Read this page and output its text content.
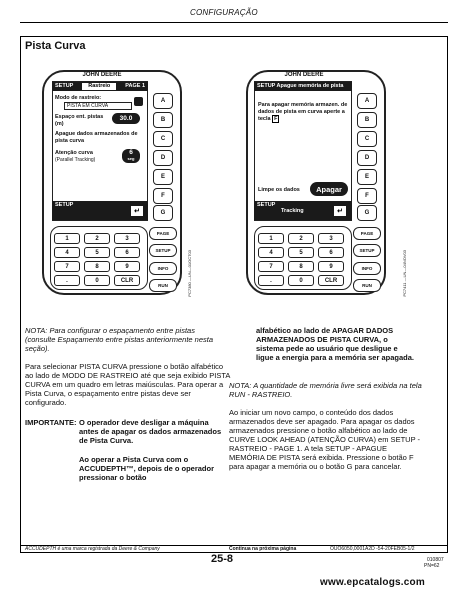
CONFIGURAÇÃO
Pista Curva
JOHN DEERE
SETUP	Rastreio	PAGE 1
Modo de rastreio:
PISTA EM CURVA
Espaço ent. pistas (m)
30.0
Apague dados armazenados de pista curva
Atenção curva
(Parallel Tracking)
6
seg
SETUP
↵
A
B
C
D
E
F
G
1	2	3
4	5	6
7	8	9
.	0	CLR
PAGE
SETUP
INFO
RUN	PC7380 —UN—01OCT03
JOHN DEERE
SETUP Apague memória de pista
Para apagar memória armazen. de dados de pista em curva aperte a tecla F
Limpe os dados	Apagar
SETUP
Tracking	↵
A
B
C
D
E
F
G
1	2	3
4	5	6
7	8	9
.	0	CLR
PAGE
SETUP
INFO
RUN	PC7411 —UN—04NOV03
NOTA: Para configurar o espaçamento entre pistas (consulte Espaçamento entre pistas anteriormente nesta seção).
Para selecionar PISTA CURVA pressione o botão alfabético ao lado de MODO DE RASTREIO até que seja exibido PISTA CURVA em um quadro em letras maiúsculas. Para operar a Pista Curva, o espaçamento entre pistas deve ser configurado.
IMPORTANTE: O operador deve desligar a máquina antes de apagar os dados armazenados de Pista Curva.
Ao operar a Pista Curva com o ACCUDEPTH™, depois de o operador pressionar o botão
alfabético ao lado de APAGAR DADOS ARMAZENADOS DE PISTA CURVA, o sistema pede ao usuário que desligue e ligue a energia para a memória ser apagada.
NOTA: A quantidade de memória livre será exibida na tela RUN - RASTREIO.
Ao iniciar um novo campo, o conteúdo dos dados armazenados deve ser apagado. Para apagar os dados armazenados pressione o botão alfabético ao lado de CURVE LOOK AHEAD (ATENÇÃO CURVA) em SETUP - RASTREIO - PAGE 1. A tela SETUP - APAGUE MEMÓRIA DE PISTA será exibida. Pressione o botão F para apagar a memória ou o botão G para cancelar.
ACCUDEPTH é uma marca registrada da Deere & Company	Continua na próxima página	OUO6050,0001A2D -54-20FEB05-1/2
25-8	010807
PN=62
www.epcatalogs.com
